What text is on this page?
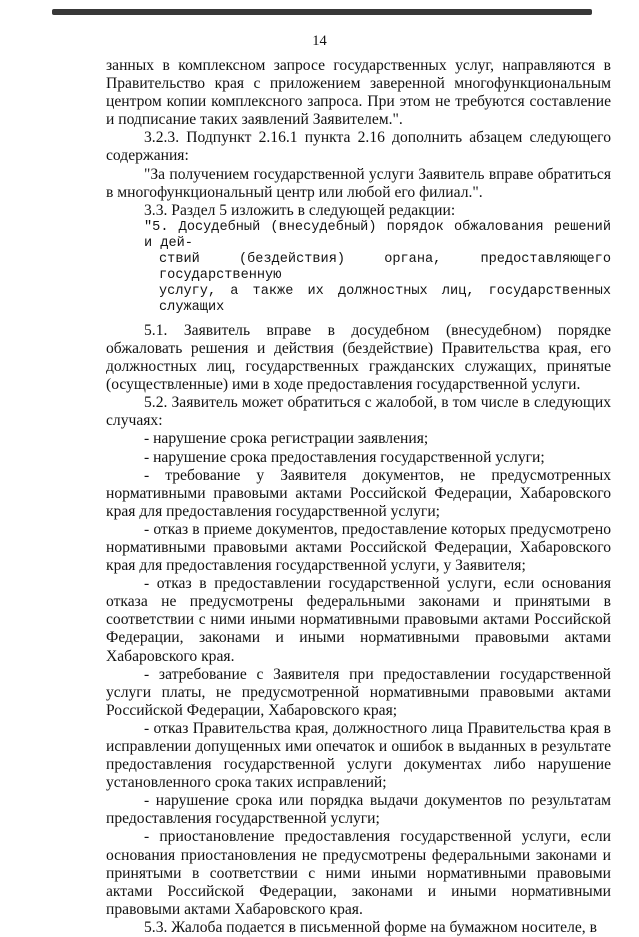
14

занных в комплексном запросе государственных услуг, направляются в Правительство края с приложением заверенной многофункциональным центром копии комплексного запроса. При этом не требуются составление и подписание таких заявлений Заявителем.".

3.2.3. Подпункт 2.16.1 пункта 2.16 дополнить абзацем следующего содержания:

"За получением государственной услуги Заявитель вправе обратиться в многофункциональный центр или любой его филиал.".

3.3. Раздел 5 изложить в следующей редакции:

"5. Досудебный (внесудебный) порядок обжалования решений и дей-
ствий (бездействия) органа, предоставляющего государственную
услугу, а также их должностных лиц, государственных служащих

5.1. Заявитель вправе в досудебном (внесудебном) порядке обжаловать решения и действия (бездействие) Правительства края, его должностных лиц, государственных гражданских служащих, принятые (осуществленные) ими в ходе предоставления государственной услуги.

5.2. Заявитель может обратиться с жалобой, в том числе в следующих случаях:

- нарушение срока регистрации заявления;

- нарушение срока предоставления государственной услуги;

- требование у Заявителя документов, не предусмотренных нормативными правовыми актами Российской Федерации, Хабаровского края для предоставления государственной услуги;

- отказ в приеме документов, предоставление которых предусмотрено нормативными правовыми актами Российской Федерации, Хабаровского края для предоставления государственной услуги, у Заявителя;

- отказ в предоставлении государственной услуги, если основания отказа не предусмотрены федеральными законами и принятыми в соответствии с ними иными нормативными правовыми актами Российской Федерации, законами и иными нормативными правовыми актами Хабаровского края.

- затребование с Заявителя при предоставлении государственной услуги платы, не предусмотренной нормативными правовыми актами Российской Федерации, Хабаровского края;

- отказ Правительства края, должностного лица Правительства края в исправлении допущенных ими опечаток и ошибок в выданных в результате предоставления государственной услуги документах либо нарушение установленного срока таких исправлений;

- нарушение срока или порядка выдачи документов по результатам предоставления государственной услуги;

- приостановление предоставления государственной услуги, если основания приостановления не предусмотрены федеральными законами и принятыми в соответствии с ними иными нормативными правовыми актами Российской Федерации, законами и иными нормативными правовыми актами Хабаровского края.

5.3. Жалоба подается в письменной форме на бумажном носителе, в
